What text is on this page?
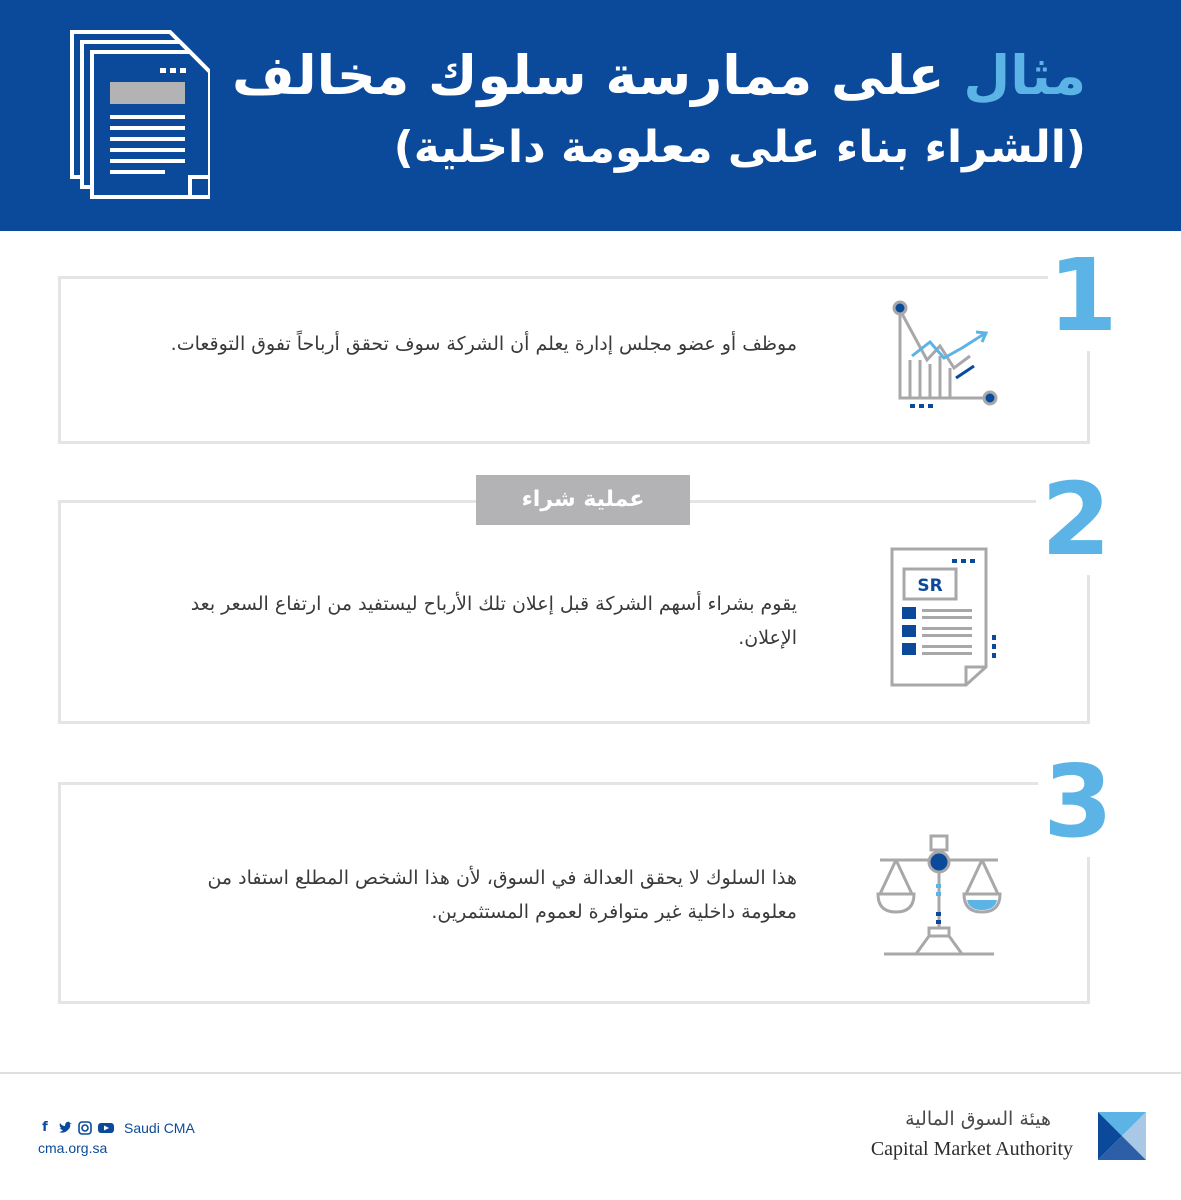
مثال على ممارسة سلوك مخالف
(الشراء بناء على معلومة داخلية)
موظف أو عضو مجلس إدارة يعلم أن الشركة سوف تحقق أرباحاً تفوق التوقعات.	1
يقوم بشراء أسهم الشركة قبل إعلان تلك الأرباح ليستفيد من ارتفاع السعر بعد الإعلان.
عملية شراء	2
SR
هذا السلوك لا يحقق العدالة في السوق، لأن هذا الشخص المطلع استفاد من معلومة داخلية غير متوافرة لعموم المستثمرين.
3
f	Saudi CMA
cma.org.sa
هيئة السوق المالية
Capital Market Authority
